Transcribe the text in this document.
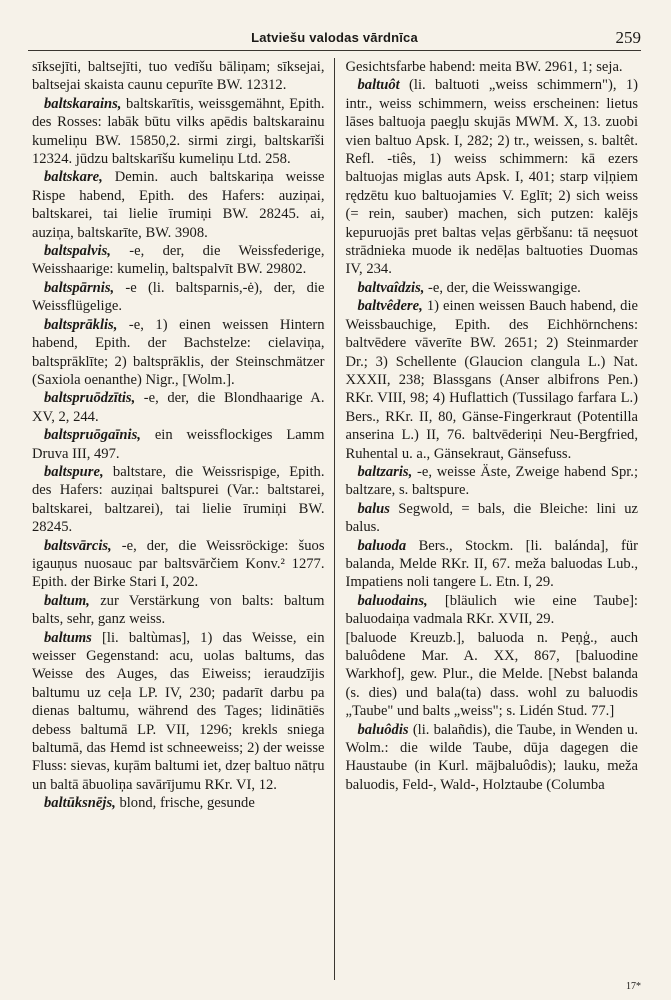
Latviešu valodas vārdnīca	259

sīksejīti, baltsejīti, tuo vedīšu bāliņam; sīksejai, baltsejai skaista caunu cepurīte BW. 12312.

baltskarains, baltskarītis, weissgemähnt, Epith. des Rosses: labāk būtu vilks apēdis baltskarainu kumeliņu BW. 15850,2. sirmi zirgi, baltskarīši 12324. jūdzu baltskarīšu kumeliņu Ltd. 258.

baltskare, Demin. auch baltskariņa weisse Rispe habend, Epith. des Hafers: auziņai, baltskarei, tai lielie īrumiņi BW. 28245. ai, auziņa, baltskarīte, BW. 3908.

baltspalvis, -e, der, die Weissfederige, Weisshaarige: kumeliņ, baltspalvīt BW. 29802.

baltspārnis, -e (li. baltsparnis,-ė), der, die Weissflügelige.

baltsprāklis, -e, 1) einen weissen Hintern habend, Epith. der Bachstelze: cielaviņa, baltsprāklīte; 2) baltsprāklis, der Steinschmätzer (Saxiola oenanthe) Nigr., [Wolm.].

baltspruōdzītis, -e, der, die Blondhaarige A. XV, 2, 244.

baltspruōgaīnis, ein weissflockiges Lamm Druva III, 497.

baltspure, baltstare, die Weissrispige, Epith. des Hafers: auziņai baltspurei (Var.: baltstarei, baltskarei, baltzarei), tai lielie īrumiņi BW. 28245.

baltsvārcis, -e, der, die Weissröckige: šuos igauņus nuosauc par baltsvārčiem Konv.² 1277. Epith. der Birke Stari I, 202.

baltum, zur Verstärkung von balts: baltum balts, sehr, ganz weiss.

baltums [li. baltùmas], 1) das Weisse, ein weisser Gegenstand: acu, uolas baltums, das Weisse des Auges, das Eiweiss; ieraudzījis baltumu uz ceļa LP. IV, 230; padarīt darbu pa dienas baltumu, während des Tages; lidinātiēs debess baltumā LP. VII, 1296; krekls sniega baltumā, das Hemd ist schneeweiss; 2) der weisse Fluss: sievas, kuŗām baltumi iet, dzeŗ baltuo nātŗu un baltā ābuoliņa savārījumu RKr. VI, 12.

baltūksnējs, blond, frische, gesunde

Gesichtsfarbe habend: meita BW. 2961, 1; seja.

baltuôt (li. baltuoti „weiss schimmern"), 1) intr., weiss schimmern, weiss erscheinen: lietus lāses baltuoja paegļu skujās MWM. X, 13. zuobi vien baltuo Apsk. I, 282; 2) tr., weissen, s. baltêt. Refl. -tiês, 1) weiss schimmern: kā ezers baltuojas miglas auts Apsk. I, 401; starp viļņiem rędzētu kuo baltuojamies V. Eglīt; 2) sich weiss (= rein, sauber) machen, sich putzen: kalējs kepuruojās pret baltas veļas gērbšanu: tā neęsuot strādnieka muode ik nedēļas baltuoties Duomas IV, 234.

baltvaîdzis, -e, der, die Weisswangige.

baltvêdere, 1) einen weissen Bauch habend, die Weissbauchige, Epith. des Eichhörnchens: baltvēdere vāverīte BW. 2651; 2) Steinmarder Dr.; 3) Schellente (Glaucion clangula L.) Nat. XXXII, 238; Blassgans (Anser albifrons Pen.) RKr. VIII, 98; 4) Huflattich (Tussilago farfara L.) Bers., RKr. II, 80, Gänse-Fingerkraut (Potentilla anserina L.) II, 76. baltvēderiņi Neu-Bergfried, Ruhental u. a., Gänsekraut, Gänsefuss.

baltzaris, -e, weisse Äste, Zweige habend Spr.; baltzare, s. baltspure.

balus Segwold, = bals, die Bleiche: lini uz balus.

baluoda Bers., Stockm. [li. balánda], für balanda, Melde RKr. II, 67. meža baluodas Lub., Impatiens noli tangere L. Etn. I, 29.

baluodains, [bläulich wie eine Taube]: baluodaiņa vadmala RKr. XVII, 29.

[baluode Kreuzb.], baluoda n. Peņģ., auch baluôdene Mar. A. XX, 867, [baluodine Warkhof], gew. Plur., die Melde. [Nebst balanda (s. dies) und bala(ta) dass. wohl zu baluodis „Taube" und balts „weiss"; s. Lidén Stud. 77.]

baluôdis (li. balañdis), die Taube, in Wenden u. Wolm.: die wilde Taube, dūja dagegen die Haustaube (in Kurl. mājbaluôdis); lauku, meža baluodis, Feld-, Wald-, Holztaube (Columba

17*
